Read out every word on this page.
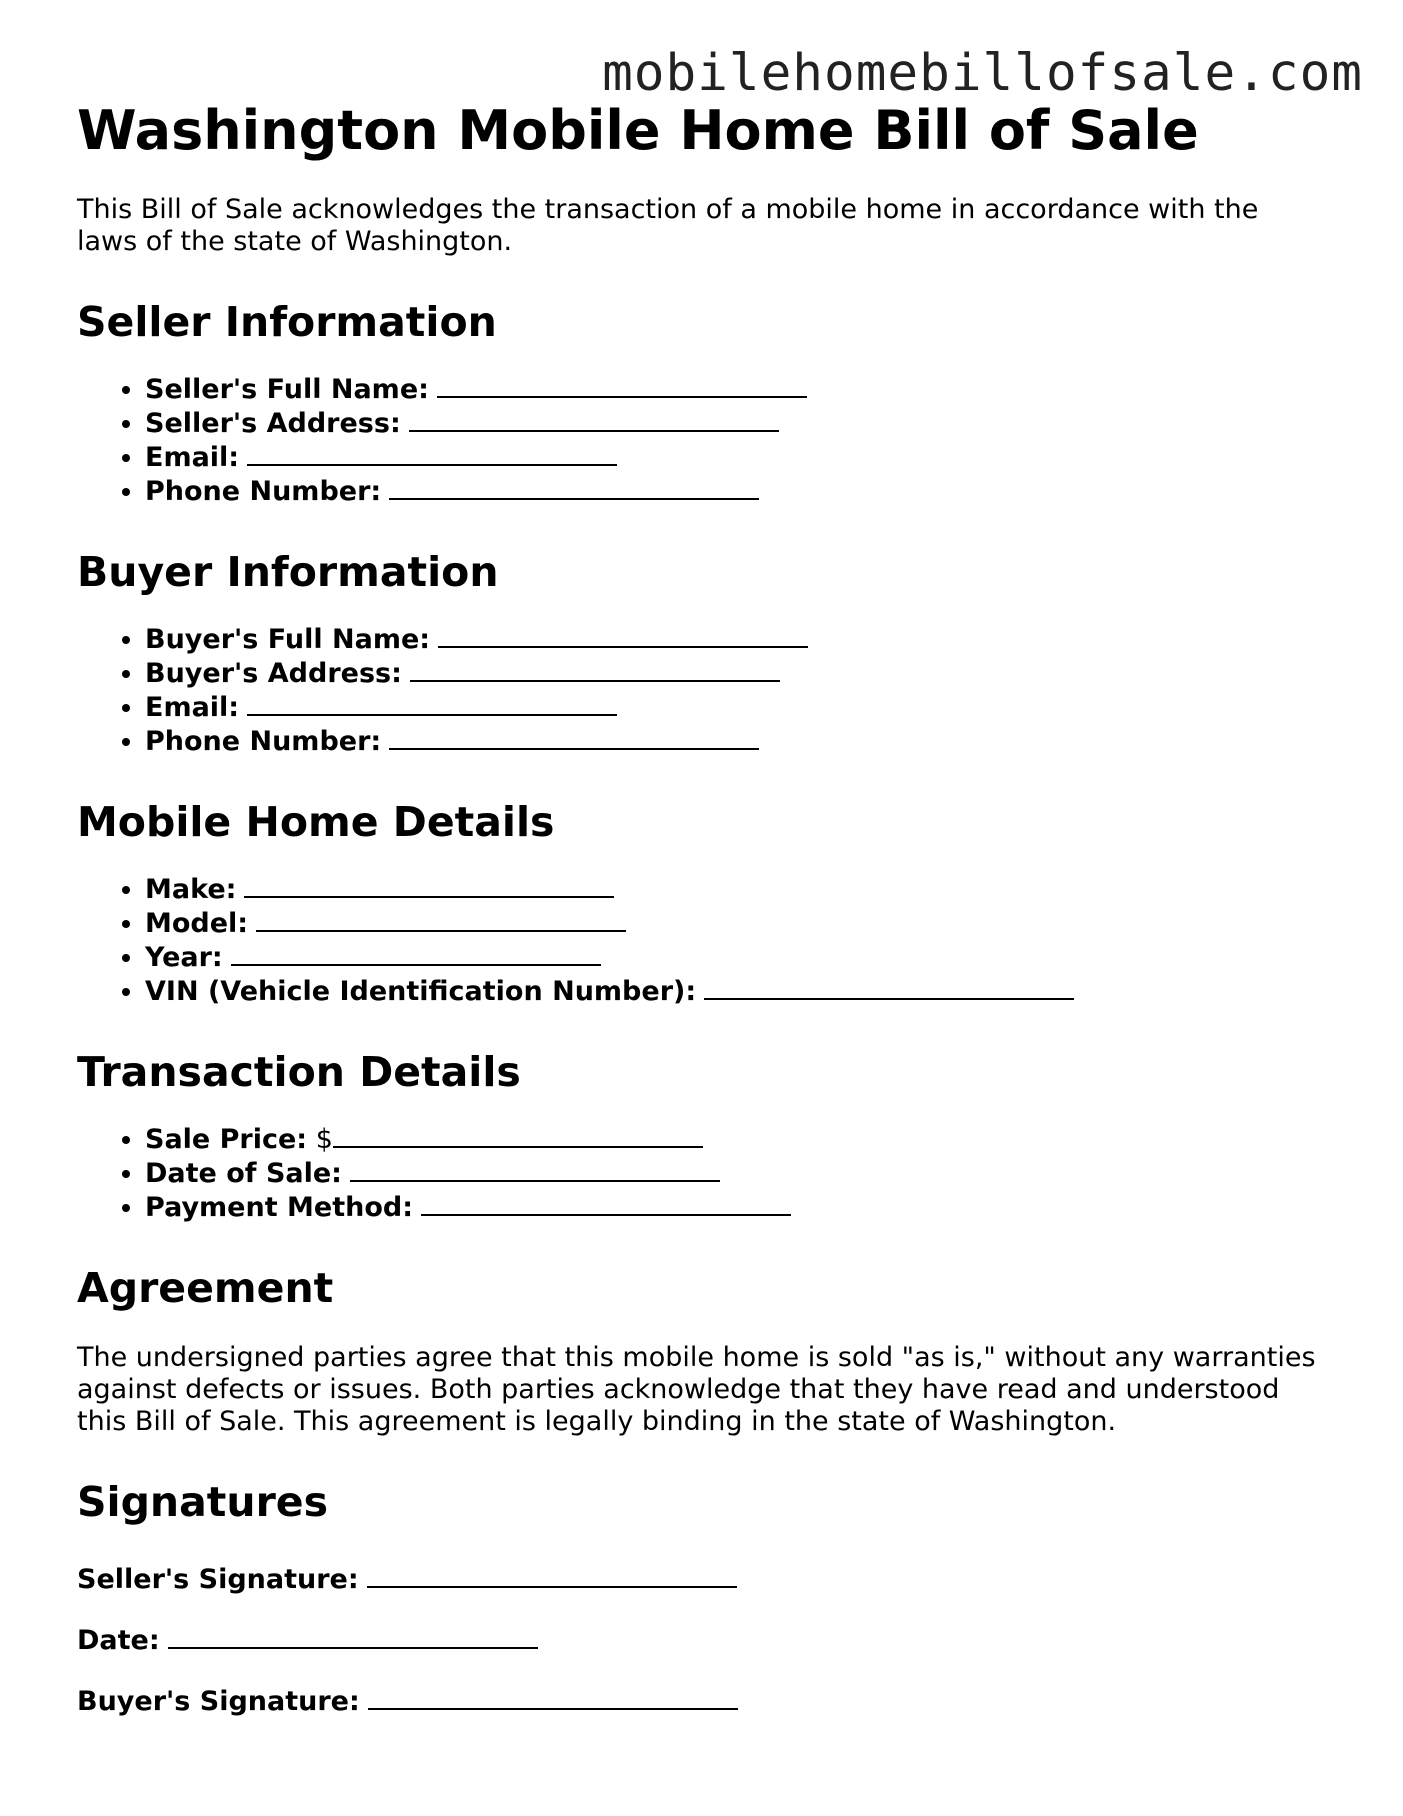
mobilehomebillofsale.com
Washington Mobile Home Bill of Sale

This Bill of Sale acknowledges the transaction of a mobile home in accordance with the laws of the state of Washington.

Seller Information
• Seller's Full Name:
• Seller's Address:
• Email:
• Phone Number:
Buyer Information
• Buyer's Full Name:
• Buyer's Address:
• Email:
• Phone Number:
Mobile Home Details
• Make:
• Model:
• Year:
• VIN (Vehicle Identification Number):
Transaction Details
• Sale Price: $
• Date of Sale:
• Payment Method:
Agreement

The undersigned parties agree that this mobile home is sold "as is," without any warranties against defects or issues. Both parties acknowledge that they have read and understood this Bill of Sale. This agreement is legally binding in the state of Washington.

Signatures

Seller's Signature:

Date:

Buyer's Signature:
